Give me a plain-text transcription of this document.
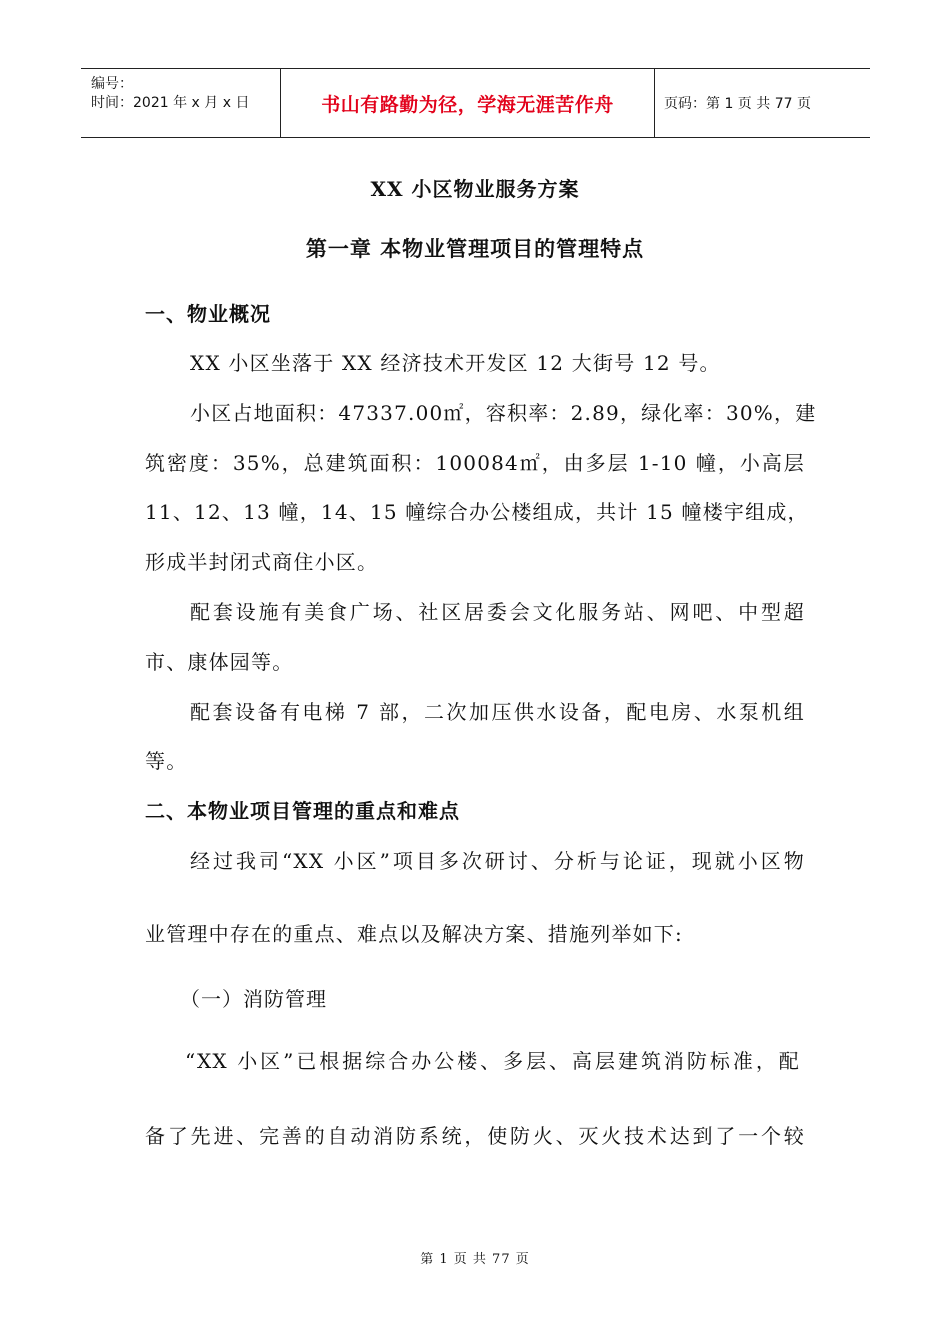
编号：
时间：2021 年 x 月 x 日	书山有路勤为径，学海无涯苦作舟	页码：第 1 页 共 77 页
XX 小区物业服务方案
第一章 本物业管理项目的管理特点
一、物业概况
XX 小区坐落于 XX 经济技术开发区 12 大街号 12 号。
小区占地面积：47337.00㎡，容积率：2.89，绿化率：30%，建
筑密度：35%，总建筑面积：100084㎡，由多层 1-10 幢，小高层
11、12、13 幢，14、15 幢综合办公楼组成，共计 15 幢楼宇组成，
形成半封闭式商住小区。
配套设施有美食广场、社区居委会文化服务站、网吧、中型超
市、康体园等。
配套设备有电梯 7 部，二次加压供水设备，配电房、水泵机组
等。
二、本物业项目管理的重点和难点
经过我司“XX 小区”项目多次研讨、分析与论证，现就小区物
业管理中存在的重点、难点以及解决方案、措施列举如下:
（一）消防管理
“XX 小区”已根据综合办公楼、多层、高层建筑消防标准，配
备了先进、完善的自动消防系统，使防火、灭火技术达到了一个较
第 1 页 共 77 页
